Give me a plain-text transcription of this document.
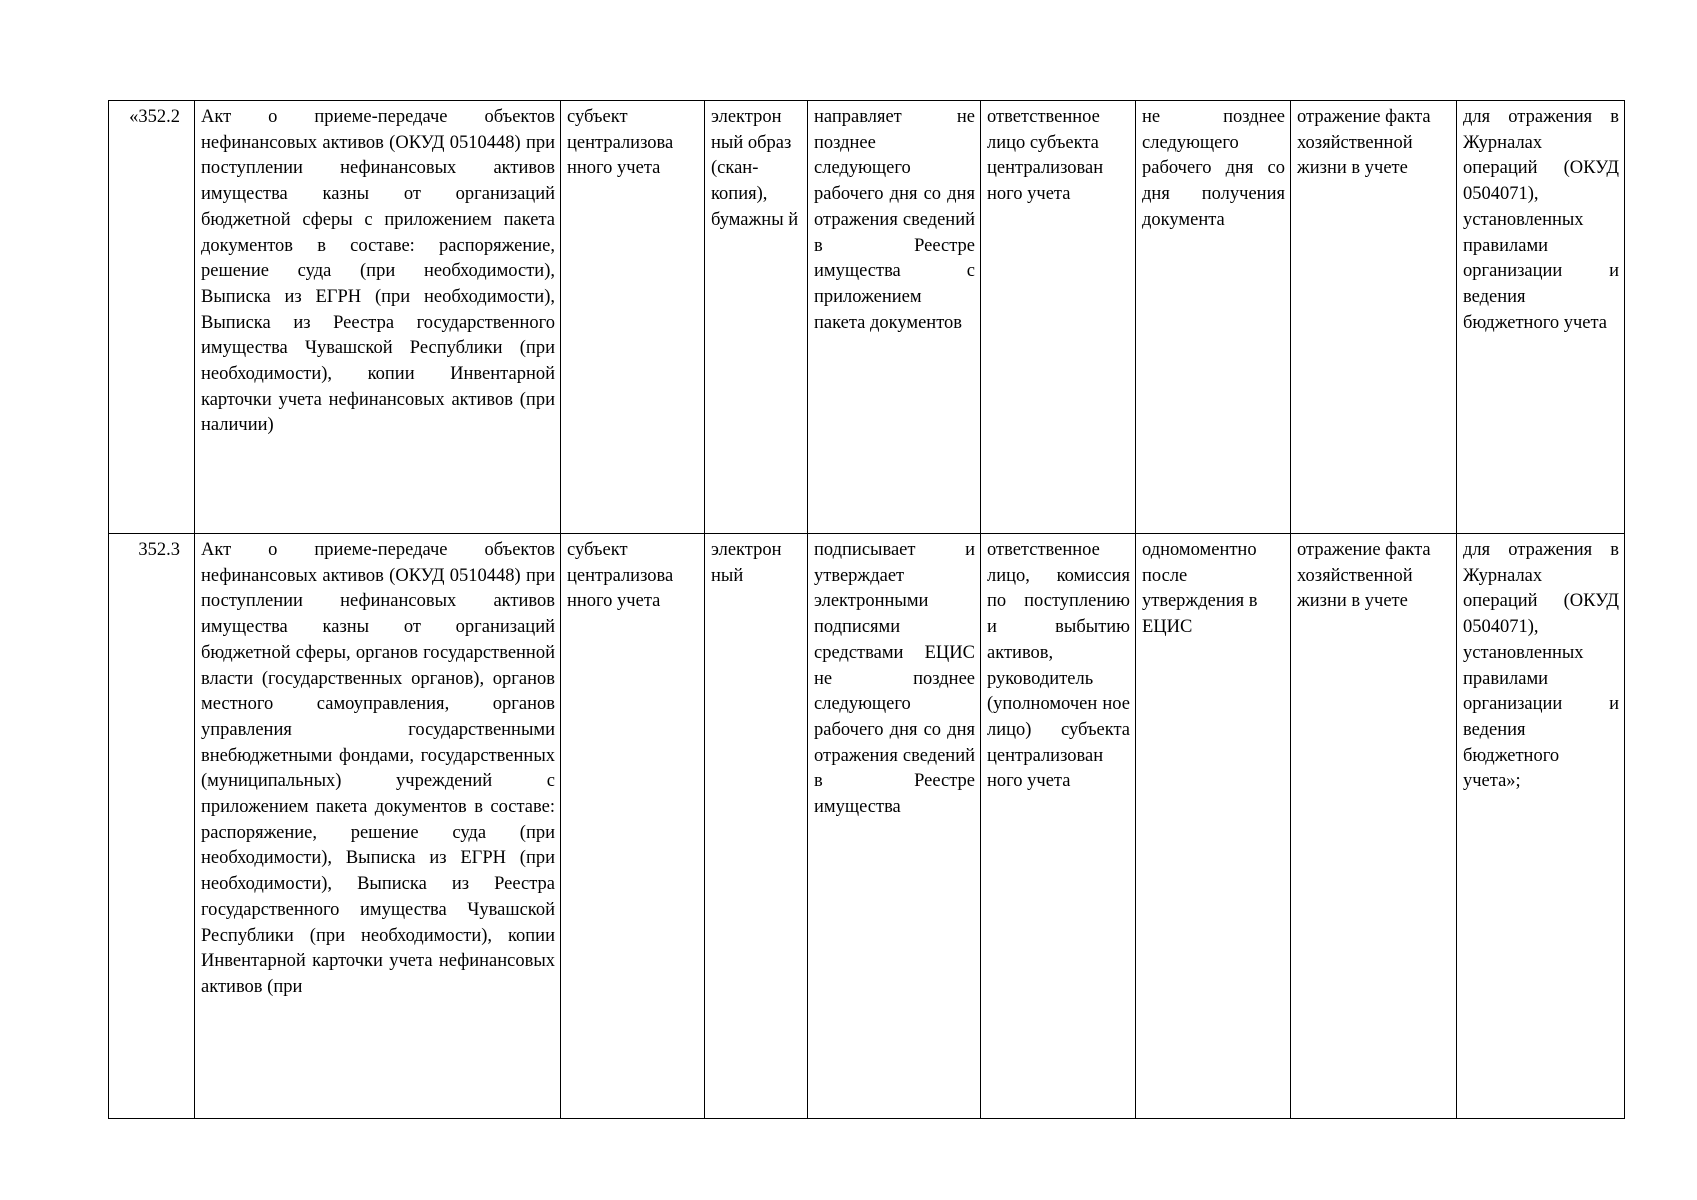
«352.2	Акт о приеме-передаче объектов нефинансовых активов (ОКУД 0510448) при поступлении нефинансовых активов имущества казны от организаций бюджетной сферы с приложением пакета документов в составе: распоряжение, решение суда (при необходимости), Выписка из ЕГРН (при необходимости), Выписка из Реестра государственного имущества Чувашской Республики (при необходимости), копии Инвентарной карточки учета нефинансовых активов (при наличии)	субъект централизова нного учета	электрон ный образ (скан-копия), бумажны й	направляет не позднее следующего рабочего дня со дня отражения сведений в Реестре имущества с приложением пакета документов	ответственное лицо субъекта централизован ного учета	не позднее следующего рабочего дня со дня получения документа	отражение факта хозяйственной жизни в учете	для отражения в Журналах операций (ОКУД 0504071), установленных правилами организации и ведения бюджетного учета
352.3	Акт о приеме-передаче объектов нефинансовых активов (ОКУД 0510448) при поступлении нефинансовых активов имущества казны от организаций бюджетной сферы, органов государственной власти (государственных органов), органов местного самоуправления, органов управления государственными внебюджетными фондами, государственных (муниципальных) учреждений с приложением пакета документов в составе: распоряжение, решение суда (при необходимости), Выписка из ЕГРН (при необходимости), Выписка из Реестра государственного имущества Чувашской Республики (при необходимости), копии Инвентарной карточки учета нефинансовых активов (при	субъект централизова нного учета	электрон ный	подписывает и утверждает электронными подписями средствами ЕЦИС не позднее следующего рабочего дня со дня отражения сведений в Реестре имущества	ответственное лицо, комиссия по поступлению и выбытию активов, руководитель (уполномочен ное лицо) субъекта централизован ного учета	одномоментно после утверждения в ЕЦИС	отражение факта хозяйственной жизни в учете	для отражения в Журналах операций (ОКУД 0504071), установленных правилами организации и ведения бюджетного учета»;
